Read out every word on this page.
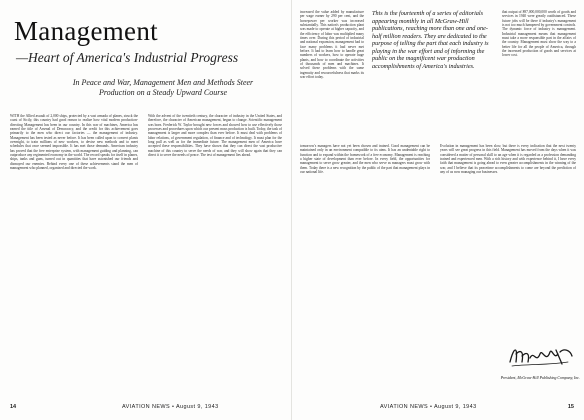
Management
—Heart of America's Industrial Progress
In Peace and War, Management Men and Methods Steer
Production on a Steady Upward Course
WITH the Allied assault of 2,000 ships, protected by a vast armada of planes, struck the coast of Sicily, this country had good reason to realize how vital modern production-directing Management has been in our country. In this war of machines, America has earned the title of Arsenal of Democracy, and the credit for this achievement goes primarily to the men who direct our factories — the management of industry. Management has been tested as never before. It has been called upon to convert plants overnight, to train millions of new workers, to devise new methods and to meet schedules that once seemed impossible. It has met those demands. American industry has proved that the free enterprise system, with management guiding and planning, can outproduce any regimented economy in the world. The record speaks for itself in planes, ships, tanks and guns, turned out in quantities that have astonished our friends and dismayed our enemies. Behind every one of these achievements stand the men of management who planned, organized and directed the work.
With the advent of the twentieth century, the character of industry in the United States, and therefore, the character of American management, began to change. Scientific management was born. Frederick W. Taylor brought new forces and showed how to use effectively those processes and procedures upon which our present mass production is built. Today, the task of management is larger and more complex than ever before. It must deal with problems of labor relations, of government regulation, of finance and of technology. It must plan for the long pull as well as for the immediate future. The management men of America have accepted these responsibilities. They have shown that they can direct the vast productive machine of this country to serve the needs of war, and they will show again that they can direct it to serve the needs of peace. The test of management lies ahead.
14	AVIATION NEWS • August 9, 1943
increased the value added by manufacture per wage earner by 290 per cent, and the horsepower per worker was increased substantially. This nation's production plant was made to operate at higher capacity, and the efficiency of labor was multiplied many times over. During this period of industrial and national expansion, management had to face many problems it had never met before. It had to learn how to handle great numbers of workers, how to operate huge plants, and how to coordinate the activities of thousands of men and machines. It solved these problems with the same ingenuity and resourcefulness that marks its war effort today.
This is the fourteenth of a series of editorials appearing monthly in all McGraw-Hill publications, reaching more than one and one-half million readers. They are dedicated to the purpose of telling the part that each industry is playing in the war effort and of informing the public on the magnificent war production accomplishments of America's industries.
tomorrow's managers have not yet been chosen and trained. Good management can be maintained only in an environment compatible to its aims. It has an undeniable right to function and to expand within the framework of a free economy. Management is reaching a higher state of development than ever before. In every field, the opportunities for management to serve grow greater, and the men who serve as managers must grow with them. Today there is a new recognition by the public of the part that management plays in our national life.
that output of $97,000,000,000 worth of goods and services in 1940 were greatly outdistanced. These future jobs will be there if industry's management is not too much hampered by government controls. The dynamic force of industry is management. Industrial management means that management must take a more responsible part in the affairs of the country. Management must show the way to a better life for all the people of America, through the increased production of goods and services at lower cost.
Evolution in management has been slow, but there is every indication that the next twenty years will see great progress in this field. Management has moved from the days when it was considered a matter of personal skill to an age when it is regarded as a profession demanding trained and experienced men. With a rich history and with experience behind it, I have every faith that management is going ahead to even greater accomplishments in the winning of the war, and I believe that its peacetime accomplishments to come are beyond the prediction of any of us now managing our businesses.
President, McGraw-Hill Publishing Company, Inc.
AVIATION NEWS • August 9, 1943	15
